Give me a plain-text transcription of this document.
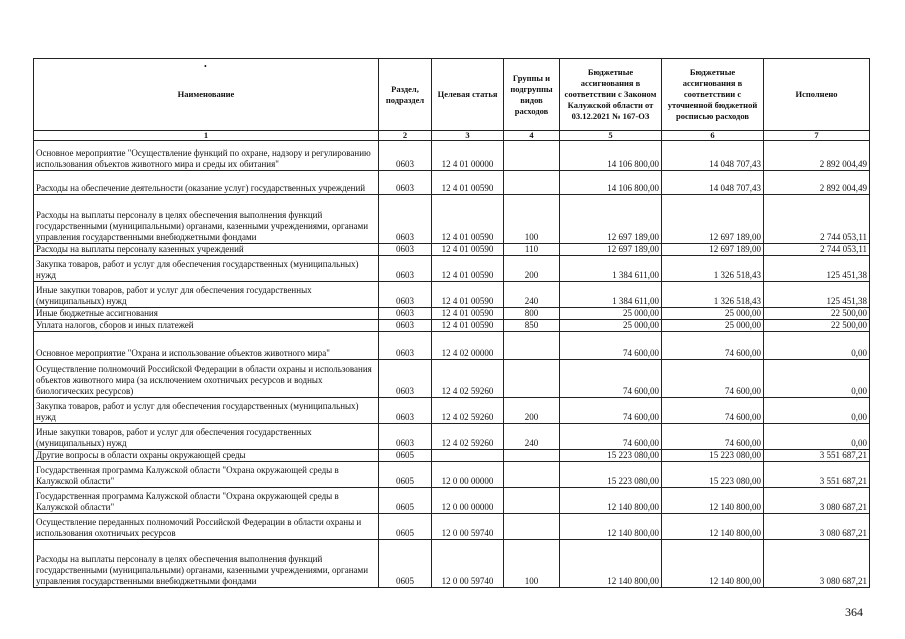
•
Наименование	Раздел, подраздел	Целевая статья	Группы и подгруппы видов расходов	Бюджетные ассигнования в соответствии с Законом Калужской области от 03.12.2021 № 167-ОЗ	Бюджетные ассигнования в соответствии с уточненной бюджетной росписью расходов	Исполнено
1	2	3	4	5	6	7
Основное мероприятие "Осуществление функций по охране, надзору и регулированию использования объектов животного мира и среды их обитания"	0603	12 4 01 00000		14 106 800,00	14 048 707,43	2 892 004,49
Расходы на обеспечение деятельности (оказание услуг) государственных учреждений	0603	12 4 01 00590		14 106 800,00	14 048 707,43	2 892 004,49
Расходы на выплаты персоналу в целях обеспечения выполнения функций государственными (муниципальными) органами, казенными учреждениями, органами управления государственными внебюджетными фондами	0603	12 4 01 00590	100	12 697 189,00	12 697 189,00	2 744 053,11
Расходы на выплаты персоналу казенных учреждений	0603	12 4 01 00590	110	12 697 189,00	12 697 189,00	2 744 053,11
Закупка товаров, работ и услуг для обеспечения государственных (муниципальных) нужд	0603	12 4 01 00590	200	1 384 611,00	1 326 518,43	125 451,38
Иные закупки товаров, работ и услуг для обеспечения государственных (муниципальных) нужд	0603	12 4 01 00590	240	1 384 611,00	1 326 518,43	125 451,38
Иные бюджетные ассигнования	0603	12 4 01 00590	800	25 000,00	25 000,00	22 500,00
Уплата налогов, сборов и иных платежей	0603	12 4 01 00590	850	25 000,00	25 000,00	22 500,00
Основное мероприятие "Охрана и использование объектов животного мира"	0603	12 4 02 00000		74 600,00	74 600,00	0,00
Осуществление полномочий Российской Федерации в области охраны и использования объектов животного мира (за исключением охотничьих ресурсов и водных биологических ресурсов)	0603	12 4 02 59260		74 600,00	74 600,00	0,00
Закупка товаров, работ и услуг для обеспечения государственных (муниципальных) нужд	0603	12 4 02 59260	200	74 600,00	74 600,00	0,00
Иные закупки товаров, работ и услуг для обеспечения государственных (муниципальных) нужд	0603	12 4 02 59260	240	74 600,00	74 600,00	0,00
Другие вопросы в области охраны окружающей среды	0605			15 223 080,00	15 223 080,00	3 551 687,21
Государственная программа Калужской области "Охрана окружающей среды в Калужской области"	0605	12 0 00 00000		15 223 080,00	15 223 080,00	3 551 687,21
Государственная программа Калужской области "Охрана окружающей среды в Калужской области"	0605	12 0 00 00000		12 140 800,00	12 140 800,00	3 080 687,21
Осуществление переданных полномочий Российской Федерации в области охраны и использования охотничьих ресурсов	0605	12 0 00 59740		12 140 800,00	12 140 800,00	3 080 687,21
Расходы на выплаты персоналу в целях обеспечения выполнения функций государственными (муниципальными) органами, казенными учреждениями, органами управления государственными внебюджетными фондами	0605	12 0 00 59740	100	12 140 800,00	12 140 800,00	3 080 687,21
364
